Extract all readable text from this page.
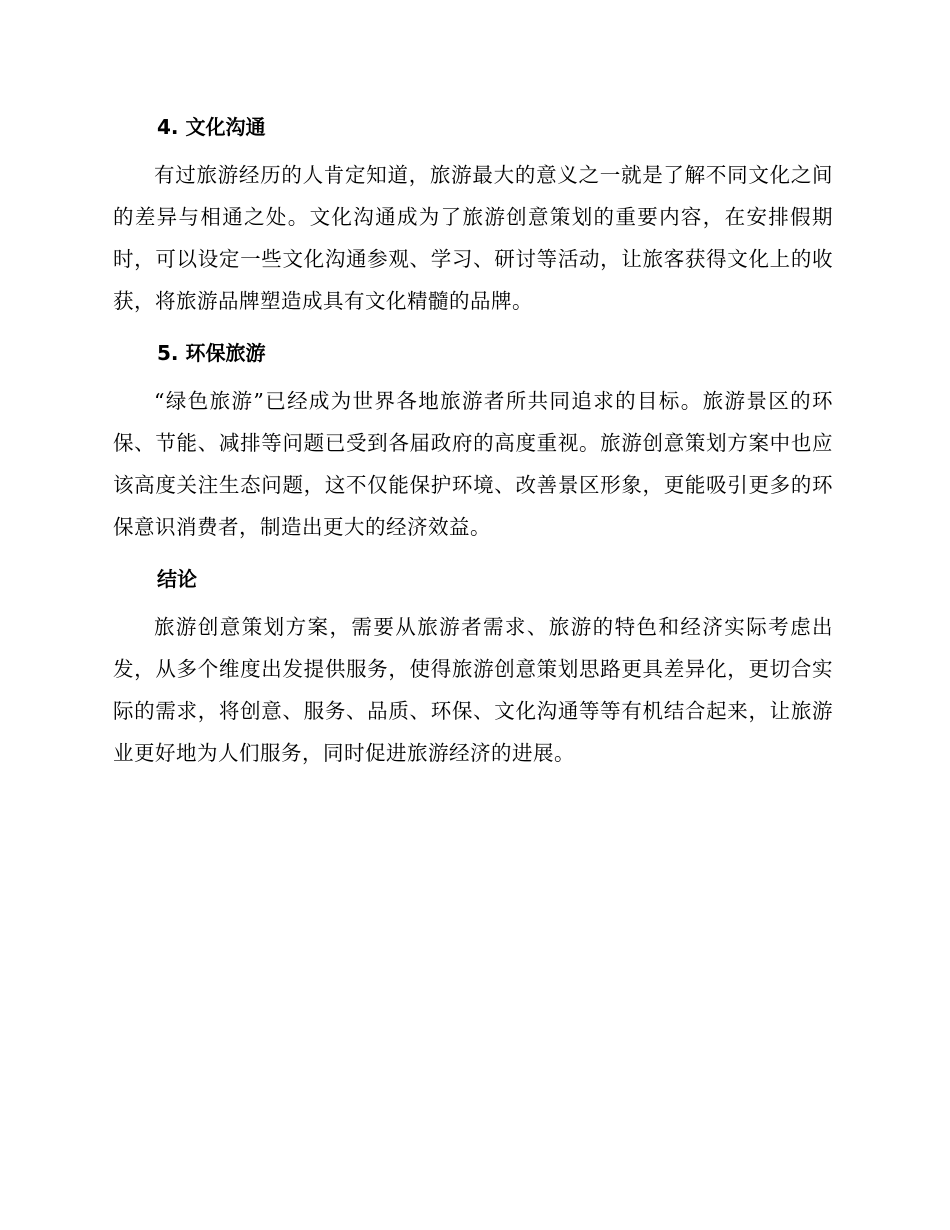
4. 文化沟通

有过旅游经历的人肯定知道，旅游最大的意义之一就是了解不同文化之间的差异与相通之处。文化沟通成为了旅游创意策划的重要内容，在安排假期时，可以设定一些文化沟通参观、学习、研讨等活动，让旅客获得文化上的收获，将旅游品牌塑造成具有文化精髓的品牌。

5. 环保旅游

“绿色旅游”已经成为世界各地旅游者所共同追求的目标。旅游景区的环保、节能、减排等问题已受到各届政府的高度重视。旅游创意策划方案中也应该高度关注生态问题，这不仅能保护环境、改善景区形象，更能吸引更多的环保意识消费者，制造出更大的经济效益。

结论

旅游创意策划方案，需要从旅游者需求、旅游的特色和经济实际考虑出发，从多个维度出发提供服务，使得旅游创意策划思路更具差异化，更切合实际的需求，将创意、服务、品质、环保、文化沟通等等有机结合起来，让旅游业更好地为人们服务，同时促进旅游经济的进展。
